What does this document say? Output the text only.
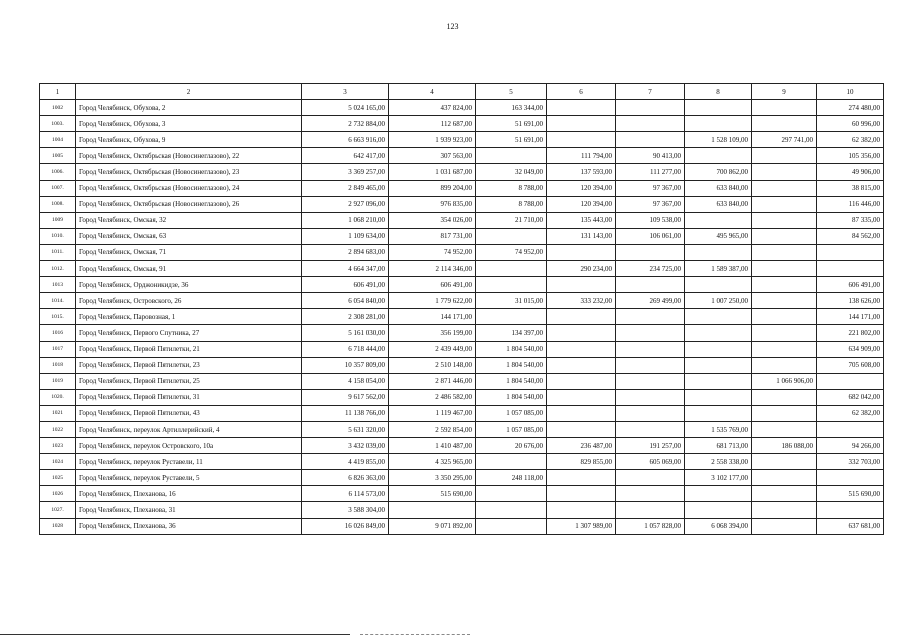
123
1	2	3	4	5	6	7	8	9	10
1002	Город Челябинск, Обухова, 2	5 024 165,00	437 824,00	163 344,00					274 480,00
1003.	Город Челябинск, Обухова, 3	2 732 884,00	112 687,00	51 691,00					60 996,00
1004	Город Челябинск, Обухова, 9	6 663 916,00	1 939 923,00	51 691,00			1 528 109,00	297 741,00	62 382,00
1005	Город Челябинск, Октябрьская (Новосинеглазово), 22	642 417,00	307 563,00		111 794,00	90 413,00			105 356,00
1006.	Город Челябинск, Октябрьская (Новосинеглазово), 23	3 369 257,00	1 031 687,00	32 049,00	137 593,00	111 277,00	700 862,00		49 906,00
1007.	Город Челябинск, Октябрьская (Новосинеглазово), 24	2 849 465,00	899 204,00	8 788,00	120 394,00	97 367,00	633 840,00		38 815,00
1008.	Город Челябинск, Октябрьская (Новосинеглазово), 26	2 927 096,00	976 835,00	8 788,00	120 394,00	97 367,00	633 840,00		116 446,00
1009	Город Челябинск, Омская, 32	1 068 210,00	354 026,00	21 710,00	135 443,00	109 538,00			87 335,00
1010.	Город Челябинск, Омская, 63	1 109 634,00	817 731,00		131 143,00	106 061,00	495 965,00		84 562,00
1011.	Город Челябинск, Омская, 71	2 894 683,00	74 952,00	74 952,00					
1012.	Город Челябинск, Омская, 91	4 664 347,00	2 114 346,00		290 234,00	234 725,00	1 589 387,00		
1013	Город Челябинск, Орджоникидзе, 36	606 491,00	606 491,00						606 491,00
1014.	Город Челябинск, Островского, 26	6 054 840,00	1 779 622,00	31 015,00	333 232,00	269 499,00	1 007 250,00		138 626,00
1015.	Город Челябинск, Паровозная, 1	2 308 281,00	144 171,00						144 171,00
1016	Город Челябинск, Первого Спутника, 27	5 161 030,00	356 199,00	134 397,00					221 802,00
1017	Город Челябинск, Первой Пятилетки, 21	6 718 444,00	2 439 449,00	1 804 540,00					634 909,00
1018	Город Челябинск, Первой Пятилетки, 23	10 357 809,00	2 510 148,00	1 804 540,00					705 608,00
1019	Город Челябинск, Первой Пятилетки, 25	4 158 054,00	2 871 446,00	1 804 540,00				1 066 906,00	
1020.	Город Челябинск, Первой Пятилетки, 31	9 617 562,00	2 486 582,00	1 804 540,00					682 042,00
1021	Город Челябинск, Первой Пятилетки, 43	11 138 766,00	1 119 467,00	1 057 085,00					62 382,00
1022	Город Челябинск, переулок Артиллерийский, 4	5 631 320,00	2 592 854,00	1 057 085,00			1 535 769,00		
1023	Город Челябинск, переулок Островского, 10а	3 432 039,00	1 410 487,00	20 676,00	236 487,00	191 257,00	681 713,00	186 088,00	94 266,00
1024	Город Челябинск, переулок Руставели, 11	4 419 855,00	4 325 965,00		829 855,00	605 069,00	2 558 338,00		332 703,00
1025	Город Челябинск, переулок Руставели, 5	6 826 363,00	3 350 295,00	248 118,00			3 102 177,00		
1026	Город Челябинск, Плеханова, 16	6 114 573,00	515 690,00						515 690,00
1027.	Город Челябинск, Плеханова, 31	3 588 304,00							
1028	Город Челябинск, Плеханова, 36	16 026 849,00	9 071 892,00		1 307 989,00	1 057 828,00	6 068 394,00		637 681,00
